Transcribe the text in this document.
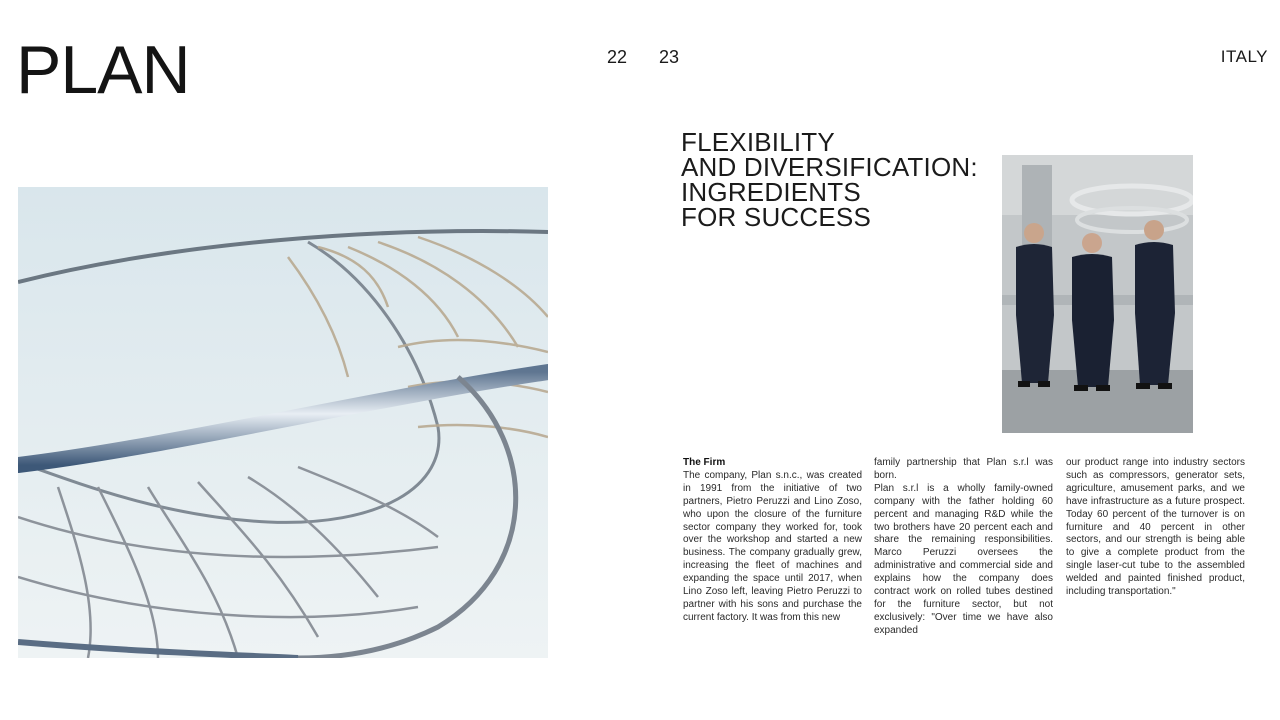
PLAN	22 23	ITALY
FLEXIBILITY
AND DIVERSIFICATION:
INGREDIENTS
FOR SUCCESS
The Firm

The company, Plan s.n.c., was created in 1991 from the initiative of two partners, Pietro Peruzzi and Lino Zoso, who upon the closure of the furniture sector company they worked for, took over the workshop and started a new business. The company gradually grew, increasing the fleet of machines and expanding the space until 2017, when Lino Zoso left, leaving Pietro Peruzzi to partner with his sons and purchase the current factory. It was from this new

family partnership that Plan s.r.l was born.

Plan s.r.l is a wholly family-owned company with the father holding 60 percent and managing R&D while the two brothers have 20 percent each and share the remaining responsibilities. Marco Peruzzi oversees the administrative and commercial side and explains how the company does contract work on rolled tubes destined for the furniture sector, but not exclusively: "Over time we have also expanded

our product range into industry sectors such as compressors, generator sets, agriculture, amusement parks, and we have infrastructure as a future prospect. Today 60 percent of the turnover is on furniture and 40 percent in other sectors, and our strength is being able to give a complete product from the single laser-cut tube to the assembled welded and painted finished product, including transportation."
